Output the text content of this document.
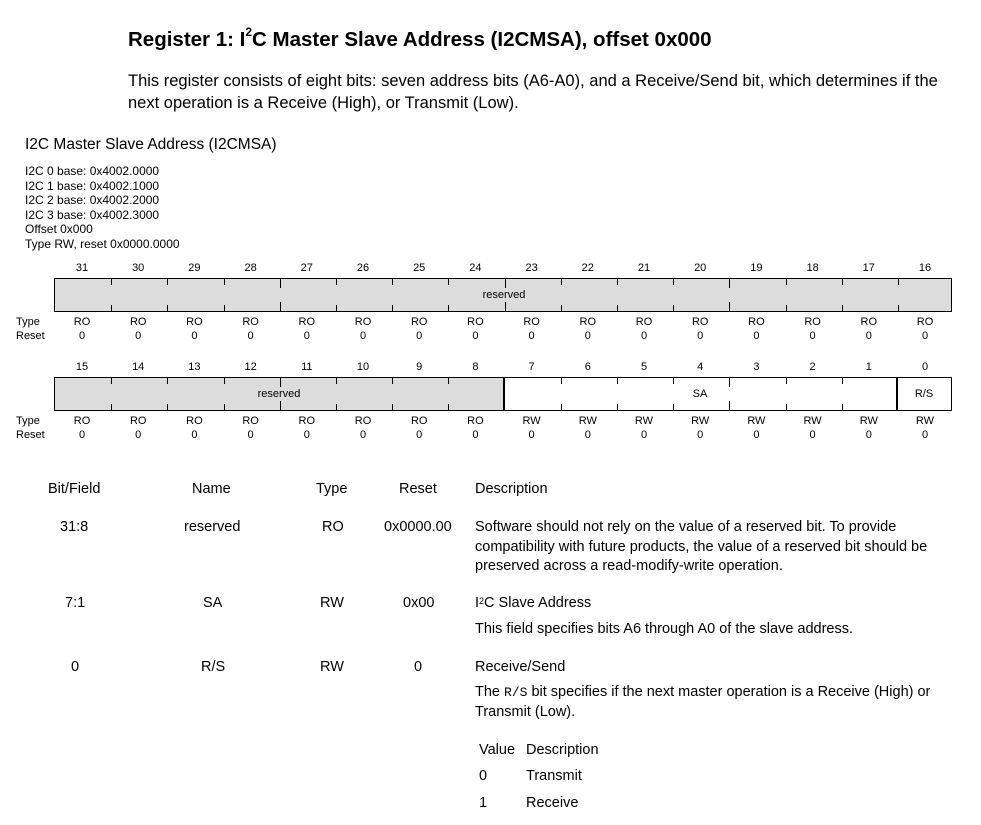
Register 1: $I^2C$ Master Slave Address (I2CMSA), offset 0x000
This register consists of eight bits: seven address bits (A6-A0), and a Receive/Send bit, which determines if the next operation is a Receive (High), or Transmit (Low).
I2C Master Slave Address (I2CMSA)
I2C 0 base: 0x4002.0000
I2C 1 base: 0x4002.1000
I2C 2 base: 0x4002.2000
I2C 3 base: 0x4002.3000
Offset 0x000
Type RW, reset 0x0000.0000
31	30	29	28	27	26	25	24	23	22	21	20	19	18	17	16
reserved
Type
Reset
RO	RO	RO	RO	RO	RO	RO	RO	RO	RO	RO	RO	RO	RO	RO	RO
0	0	0	0	0	0	0	0	0	0	0	0	0	0	0	0
15	14	13	12	11	10	9	8	7	6	5	4	3	2	1	0
reserved	SA	R/S
Type
Reset
RO	RO	RO	RO	RO	RO	RO	RO	RW	RW	RW	RW	RW	RW	RW	RW
0	0	0	0	0	0	0	0	0	0	0	0	0	0	0	0
Bit/Field	Name	Type	Reset	Description
31:8	reserved	RO	0x0000.00 Software should not rely on the value of a reserved bit. To provide compatibility with future products, the value of a reserved bit should be preserved across a read-modify-write operation.
7:1	SA	RW	0x00	$I^2C$ Slave Address
This field specifies bits A6 through A0 of the slave address.
0	R/S	RW	0	Receive/Send
The R/S bit specifies if the next master operation is a Receive (High) or Transmit (Low).
Value Description
0	Transmit
1	Receive
